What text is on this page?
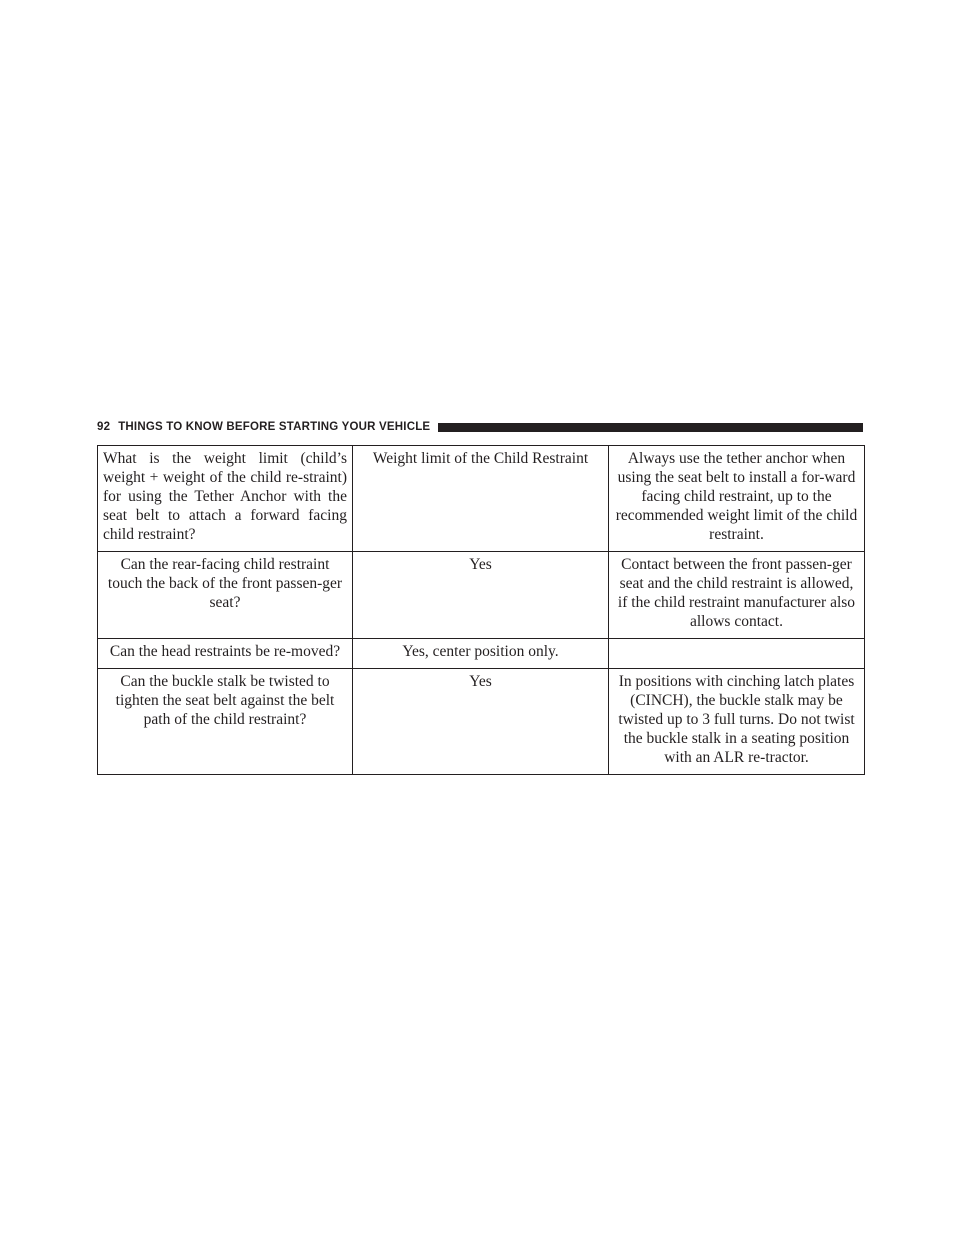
92 THINGS TO KNOW BEFORE STARTING YOUR VEHICLE
What is the weight limit (child’s weight + weight of the child re-straint) for using the Tether Anchor with the seat belt to attach a forward facing child restraint?	Weight limit of the Child Restraint	Always use the tether anchor when using the seat belt to install a for-ward facing child restraint, up to the recommended weight limit of the child restraint.
Can the rear-facing child restraint touch the back of the front passen-ger seat?	Yes	Contact between the front passen-ger seat and the child restraint is allowed, if the child restraint manufacturer also allows contact.
Can the head restraints be re-moved?	Yes, center position only.	
Can the buckle stalk be twisted to tighten the seat belt against the belt path of the child restraint?	Yes	In positions with cinching latch plates (CINCH), the buckle stalk may be twisted up to 3 full turns. Do not twist the buckle stalk in a seating position with an ALR re-tractor.
